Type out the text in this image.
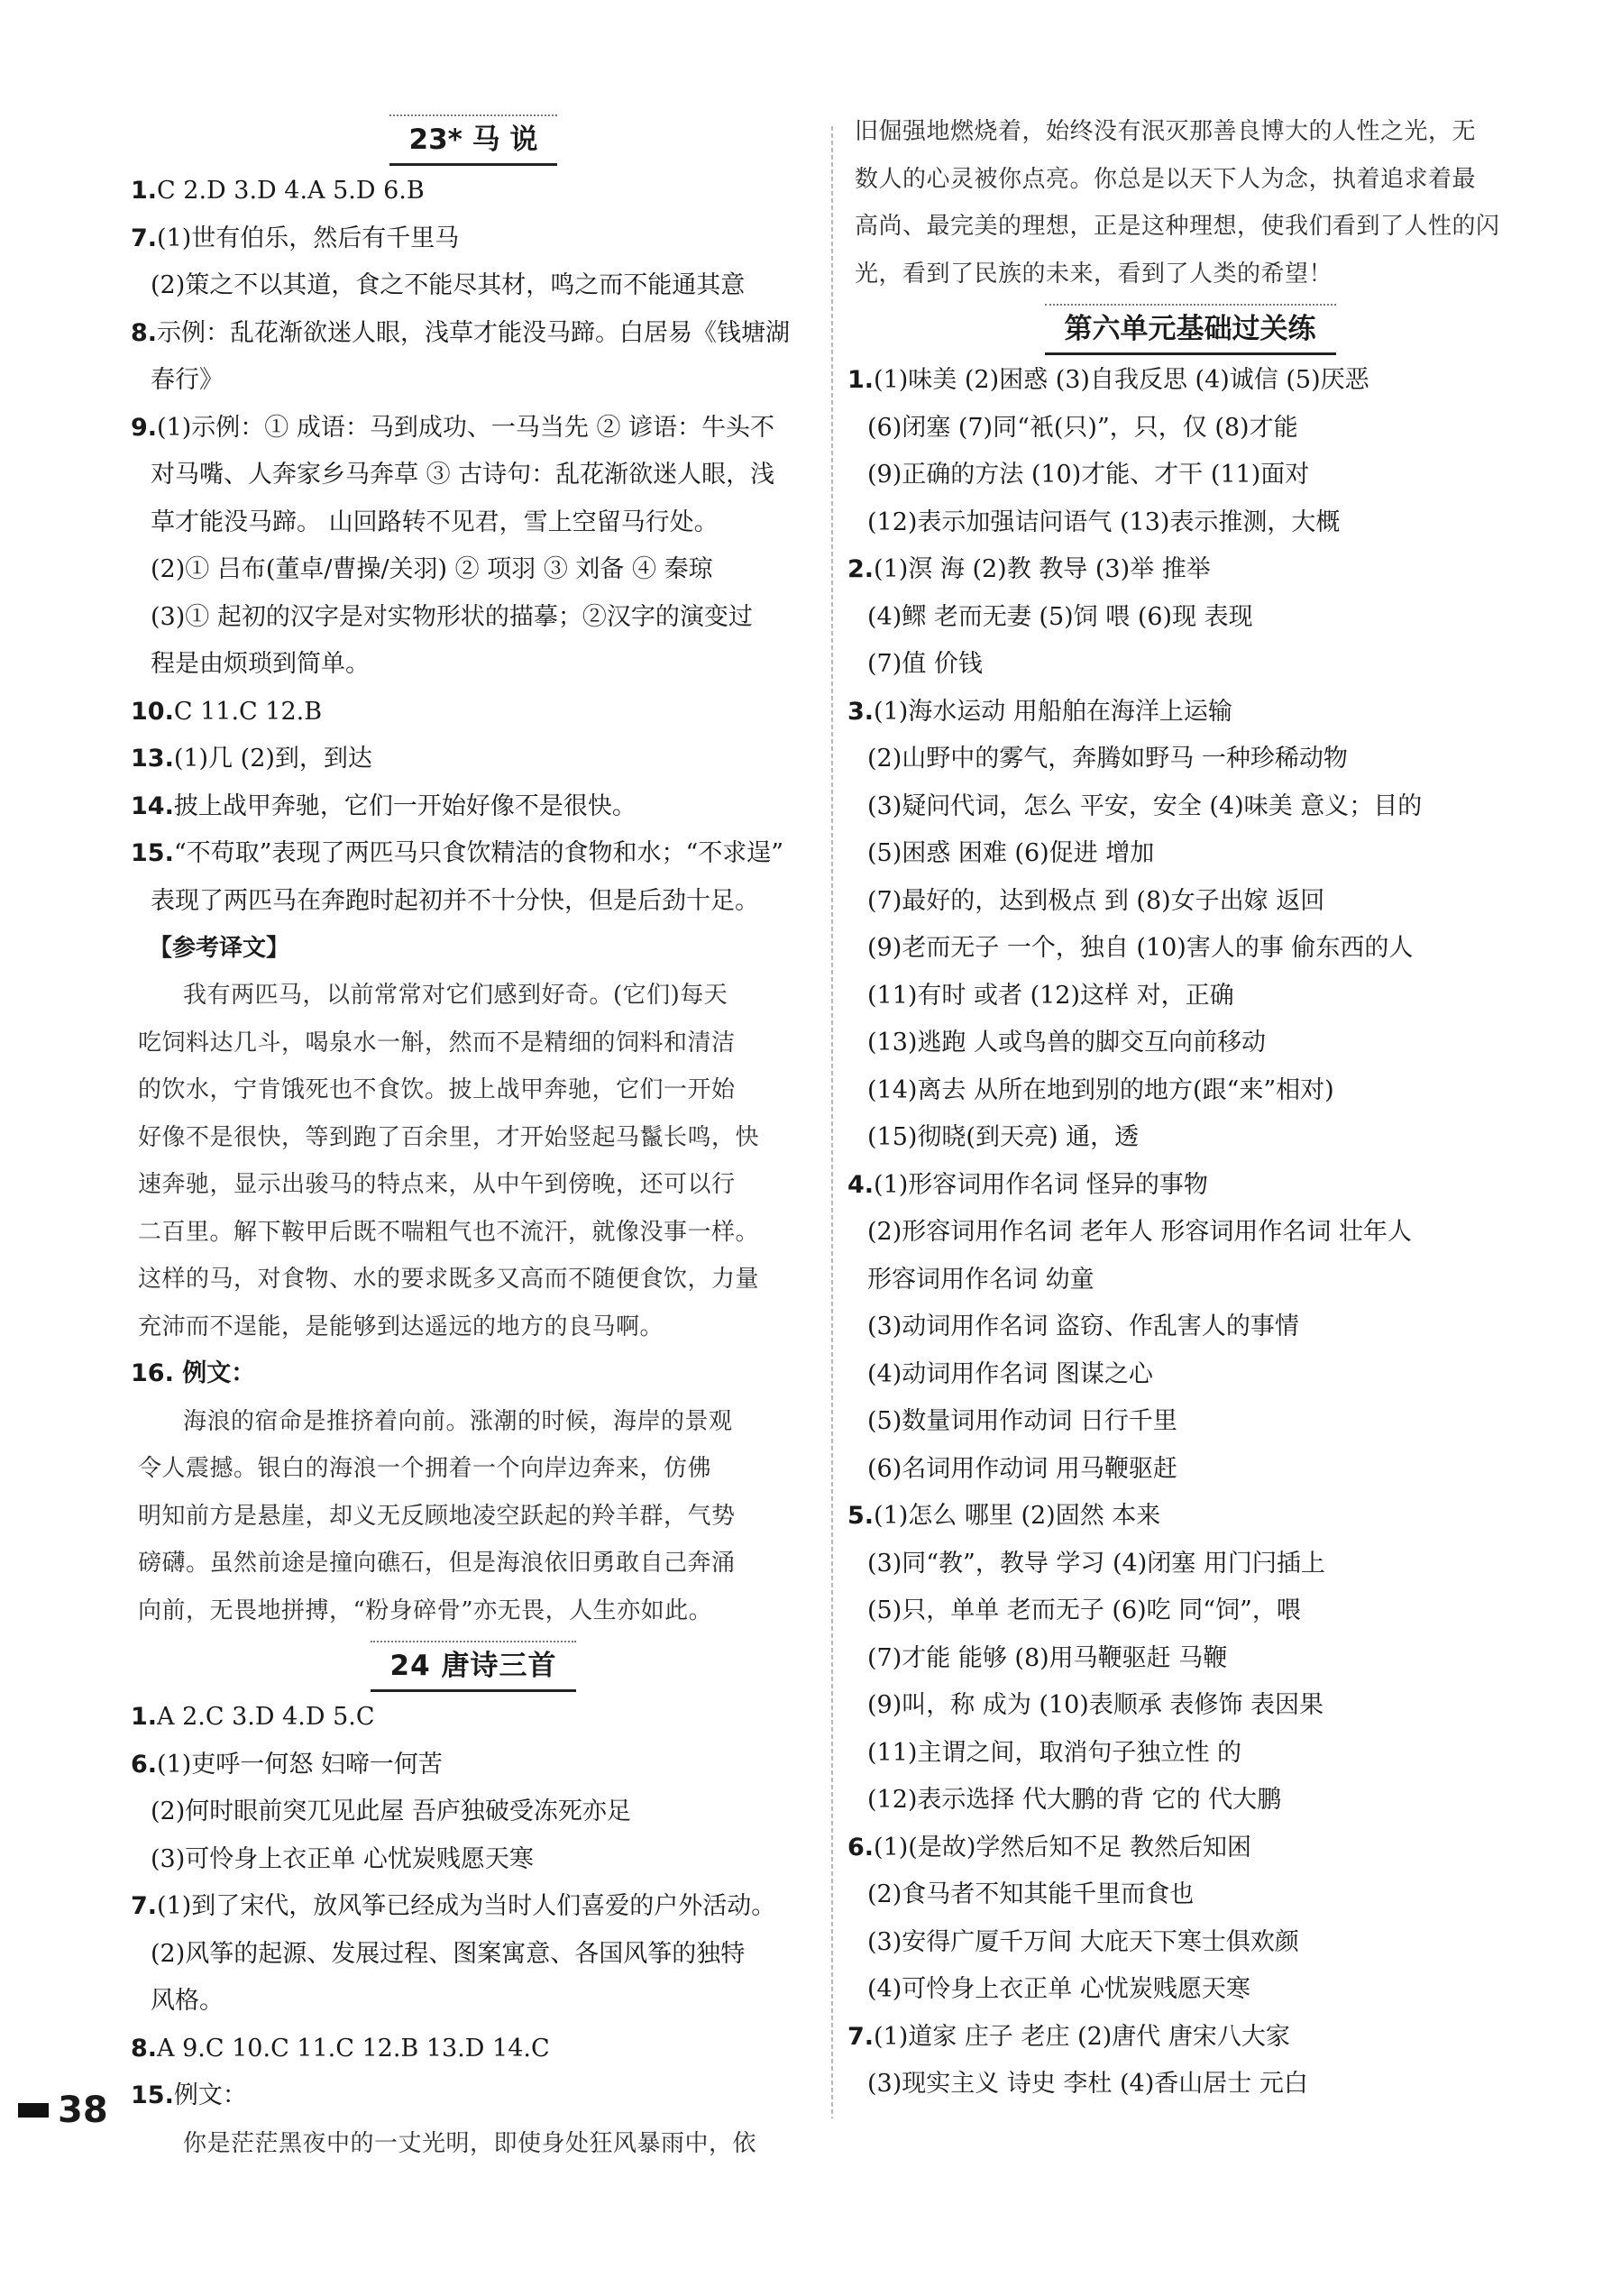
23* 马 说
1.C 2.D 3.D 4.A 5.D 6.B
7.(1)世有伯乐，然后有千里马
(2)策之不以其道，食之不能尽其材，鸣之而不能通其意
8.示例：乱花渐欲迷人眼，浅草才能没马蹄。白居易《钱塘湖
春行》
9.(1)示例：① 成语：马到成功、一马当先 ② 谚语：牛头不
对马嘴、人奔家乡马奔草 ③ 古诗句：乱花渐欲迷人眼，浅
草才能没马蹄。 山回路转不见君，雪上空留马行处。
(2)① 吕布(董卓/曹操/关羽) ② 项羽 ③ 刘备 ④ 秦琼
(3)① 起初的汉字是对实物形状的描摹；②汉字的演变过
程是由烦琐到简单。
10.C 11.C 12.B
13.(1)几 (2)到，到达
14.披上战甲奔驰，它们一开始好像不是很快。
15.“不苟取”表现了两匹马只食饮精洁的食物和水；“不求逞”
表现了两匹马在奔跑时起初并不十分快，但是后劲十足。
【参考译文】
我有两匹马，以前常常对它们感到好奇。(它们)每天
吃饲料达几斗，喝泉水一斛，然而不是精细的饲料和清洁
的饮水，宁肯饿死也不食饮。披上战甲奔驰，它们一开始
好像不是很快，等到跑了百余里，才开始竖起马鬣长鸣，快
速奔驰，显示出骏马的特点来，从中午到傍晚，还可以行
二百里。解下鞍甲后既不喘粗气也不流汗，就像没事一样。
这样的马，对食物、水的要求既多又高而不随便食饮，力量
充沛而不逞能，是能够到达遥远的地方的良马啊。
16. 例文：
海浪的宿命是推挤着向前。涨潮的时候，海岸的景观
令人震撼。银白的海浪一个拥着一个向岸边奔来，仿佛
明知前方是悬崖，却义无反顾地凌空跃起的羚羊群，气势
磅礴。虽然前途是撞向礁石，但是海浪依旧勇敢自己奔涌
向前，无畏地拼搏，“粉身碎骨”亦无畏，人生亦如此。
24 唐诗三首
1.A 2.C 3.D 4.D 5.C
6.(1)吏呼一何怒 妇啼一何苦
(2)何时眼前突兀见此屋 吾庐独破受冻死亦足
(3)可怜身上衣正单 心忧炭贱愿天寒
7.(1)到了宋代，放风筝已经成为当时人们喜爱的户外活动。
(2)风筝的起源、发展过程、图案寓意、各国风筝的独特
风格。
8.A 9.C 10.C 11.C 12.B 13.D 14.C
15.例文：
你是茫茫黑夜中的一丈光明，即使身处狂风暴雨中，依
旧倔强地燃烧着，始终没有泯灭那善良博大的人性之光，无
数人的心灵被你点亮。你总是以天下人为念，执着追求着最
高尚、最完美的理想，正是这种理想，使我们看到了人性的闪
光，看到了民族的未来，看到了人类的希望！
第六单元基础过关练
1.(1)味美 (2)困惑 (3)自我反思 (4)诚信 (5)厌恶
(6)闭塞 (7)同“衹(只)”，只，仅 (8)才能
(9)正确的方法 (10)才能、才干 (11)面对
(12)表示加强诘问语气 (13)表示推测，大概
2.(1)溟 海 (2)教 教导 (3)举 推举
(4)鳏 老而无妻 (5)饲 喂 (6)现 表现
(7)值 价钱
3.(1)海水运动 用船舶在海洋上运输
(2)山野中的雾气，奔腾如野马 一种珍稀动物
(3)疑问代词，怎么 平安，安全 (4)味美 意义；目的
(5)困惑 困难 (6)促进 增加
(7)最好的，达到极点 到 (8)女子出嫁 返回
(9)老而无子 一个，独自 (10)害人的事 偷东西的人
(11)有时 或者 (12)这样 对，正确
(13)逃跑 人或鸟兽的脚交互向前移动
(14)离去 从所在地到别的地方(跟“来”相对)
(15)彻晓(到天亮) 通，透
4.(1)形容词用作名词 怪异的事物
(2)形容词用作名词 老年人 形容词用作名词 壮年人
形容词用作名词 幼童
(3)动词用作名词 盗窃、作乱害人的事情
(4)动词用作名词 图谋之心
(5)数量词用作动词 日行千里
(6)名词用作动词 用马鞭驱赶
5.(1)怎么 哪里 (2)固然 本来
(3)同“教”，教导 学习 (4)闭塞 用门闩插上
(5)只，单单 老而无子 (6)吃 同“饲”，喂
(7)才能 能够 (8)用马鞭驱赶 马鞭
(9)叫，称 成为 (10)表顺承 表修饰 表因果
(11)主谓之间，取消句子独立性 的
(12)表示选择 代大鹏的背 它的 代大鹏
6.(1)(是故)学然后知不足 教然后知困
(2)食马者不知其能千里而食也
(3)安得广厦千万间 大庇天下寒士俱欢颜
(4)可怜身上衣正单 心忧炭贱愿天寒
7.(1)道家 庄子 老庄 (2)唐代 唐宋八大家
(3)现实主义 诗史 李杜 (4)香山居士 元白
38
